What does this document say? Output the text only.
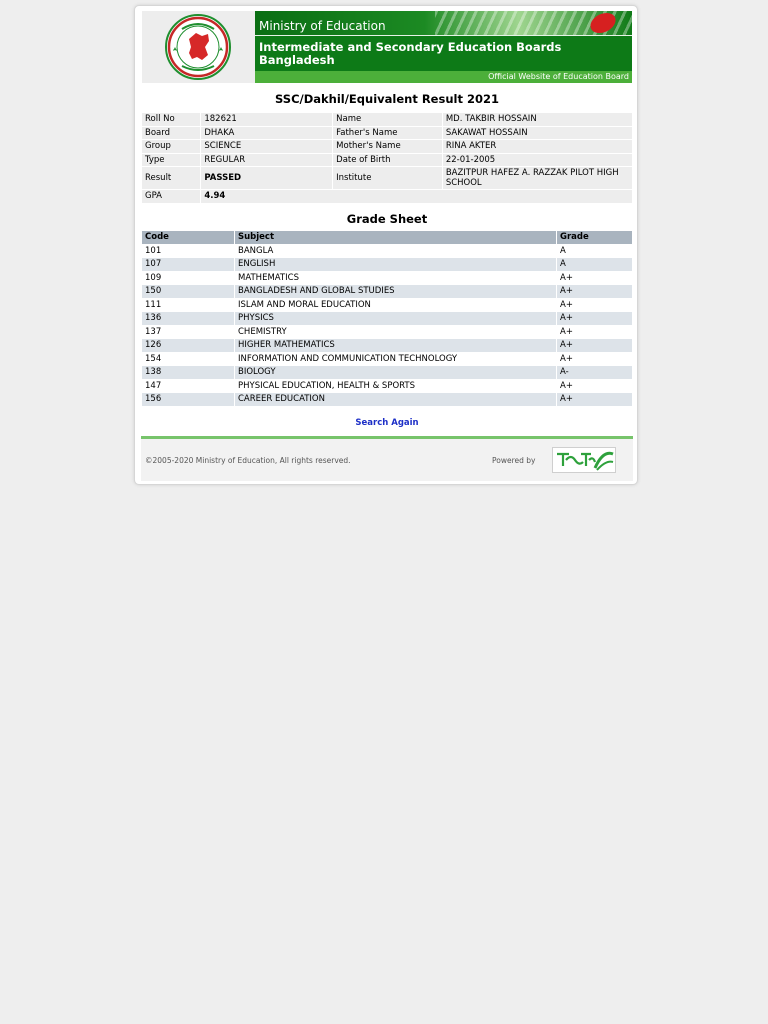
Ministry of Education
Intermediate and Secondary Education Boards Bangladesh
Official Website of Education Board
SSC/Dakhil/Equivalent Result 2021
Roll No	182621	Name	MD. TAKBIR HOSSAIN
Board	DHAKA	Father's Name	SAKAWAT HOSSAIN
Group	SCIENCE	Mother's Name	RINA AKTER
Type	REGULAR	Date of Birth	22-01-2005
Result	PASSED	Institute	BAZITPUR HAFEZ A. RAZZAK PILOT HIGH SCHOOL
GPA	4.94		
Grade Sheet
Code	Subject	Grade
101	BANGLA	A
107	ENGLISH	A
109	MATHEMATICS	A+
150	BANGLADESH AND GLOBAL STUDIES	A+
111	ISLAM AND MORAL EDUCATION	A+
136	PHYSICS	A+
137	CHEMISTRY	A+
126	HIGHER MATHEMATICS	A+
154	INFORMATION AND COMMUNICATION TECHNOLOGY	A+
138	BIOLOGY	A-
147	PHYSICAL EDUCATION, HEALTH & SPORTS	A+
156	CAREER EDUCATION	A+
Search Again
©2005-2020 Ministry of Education, All rights reserved.	Powered by
